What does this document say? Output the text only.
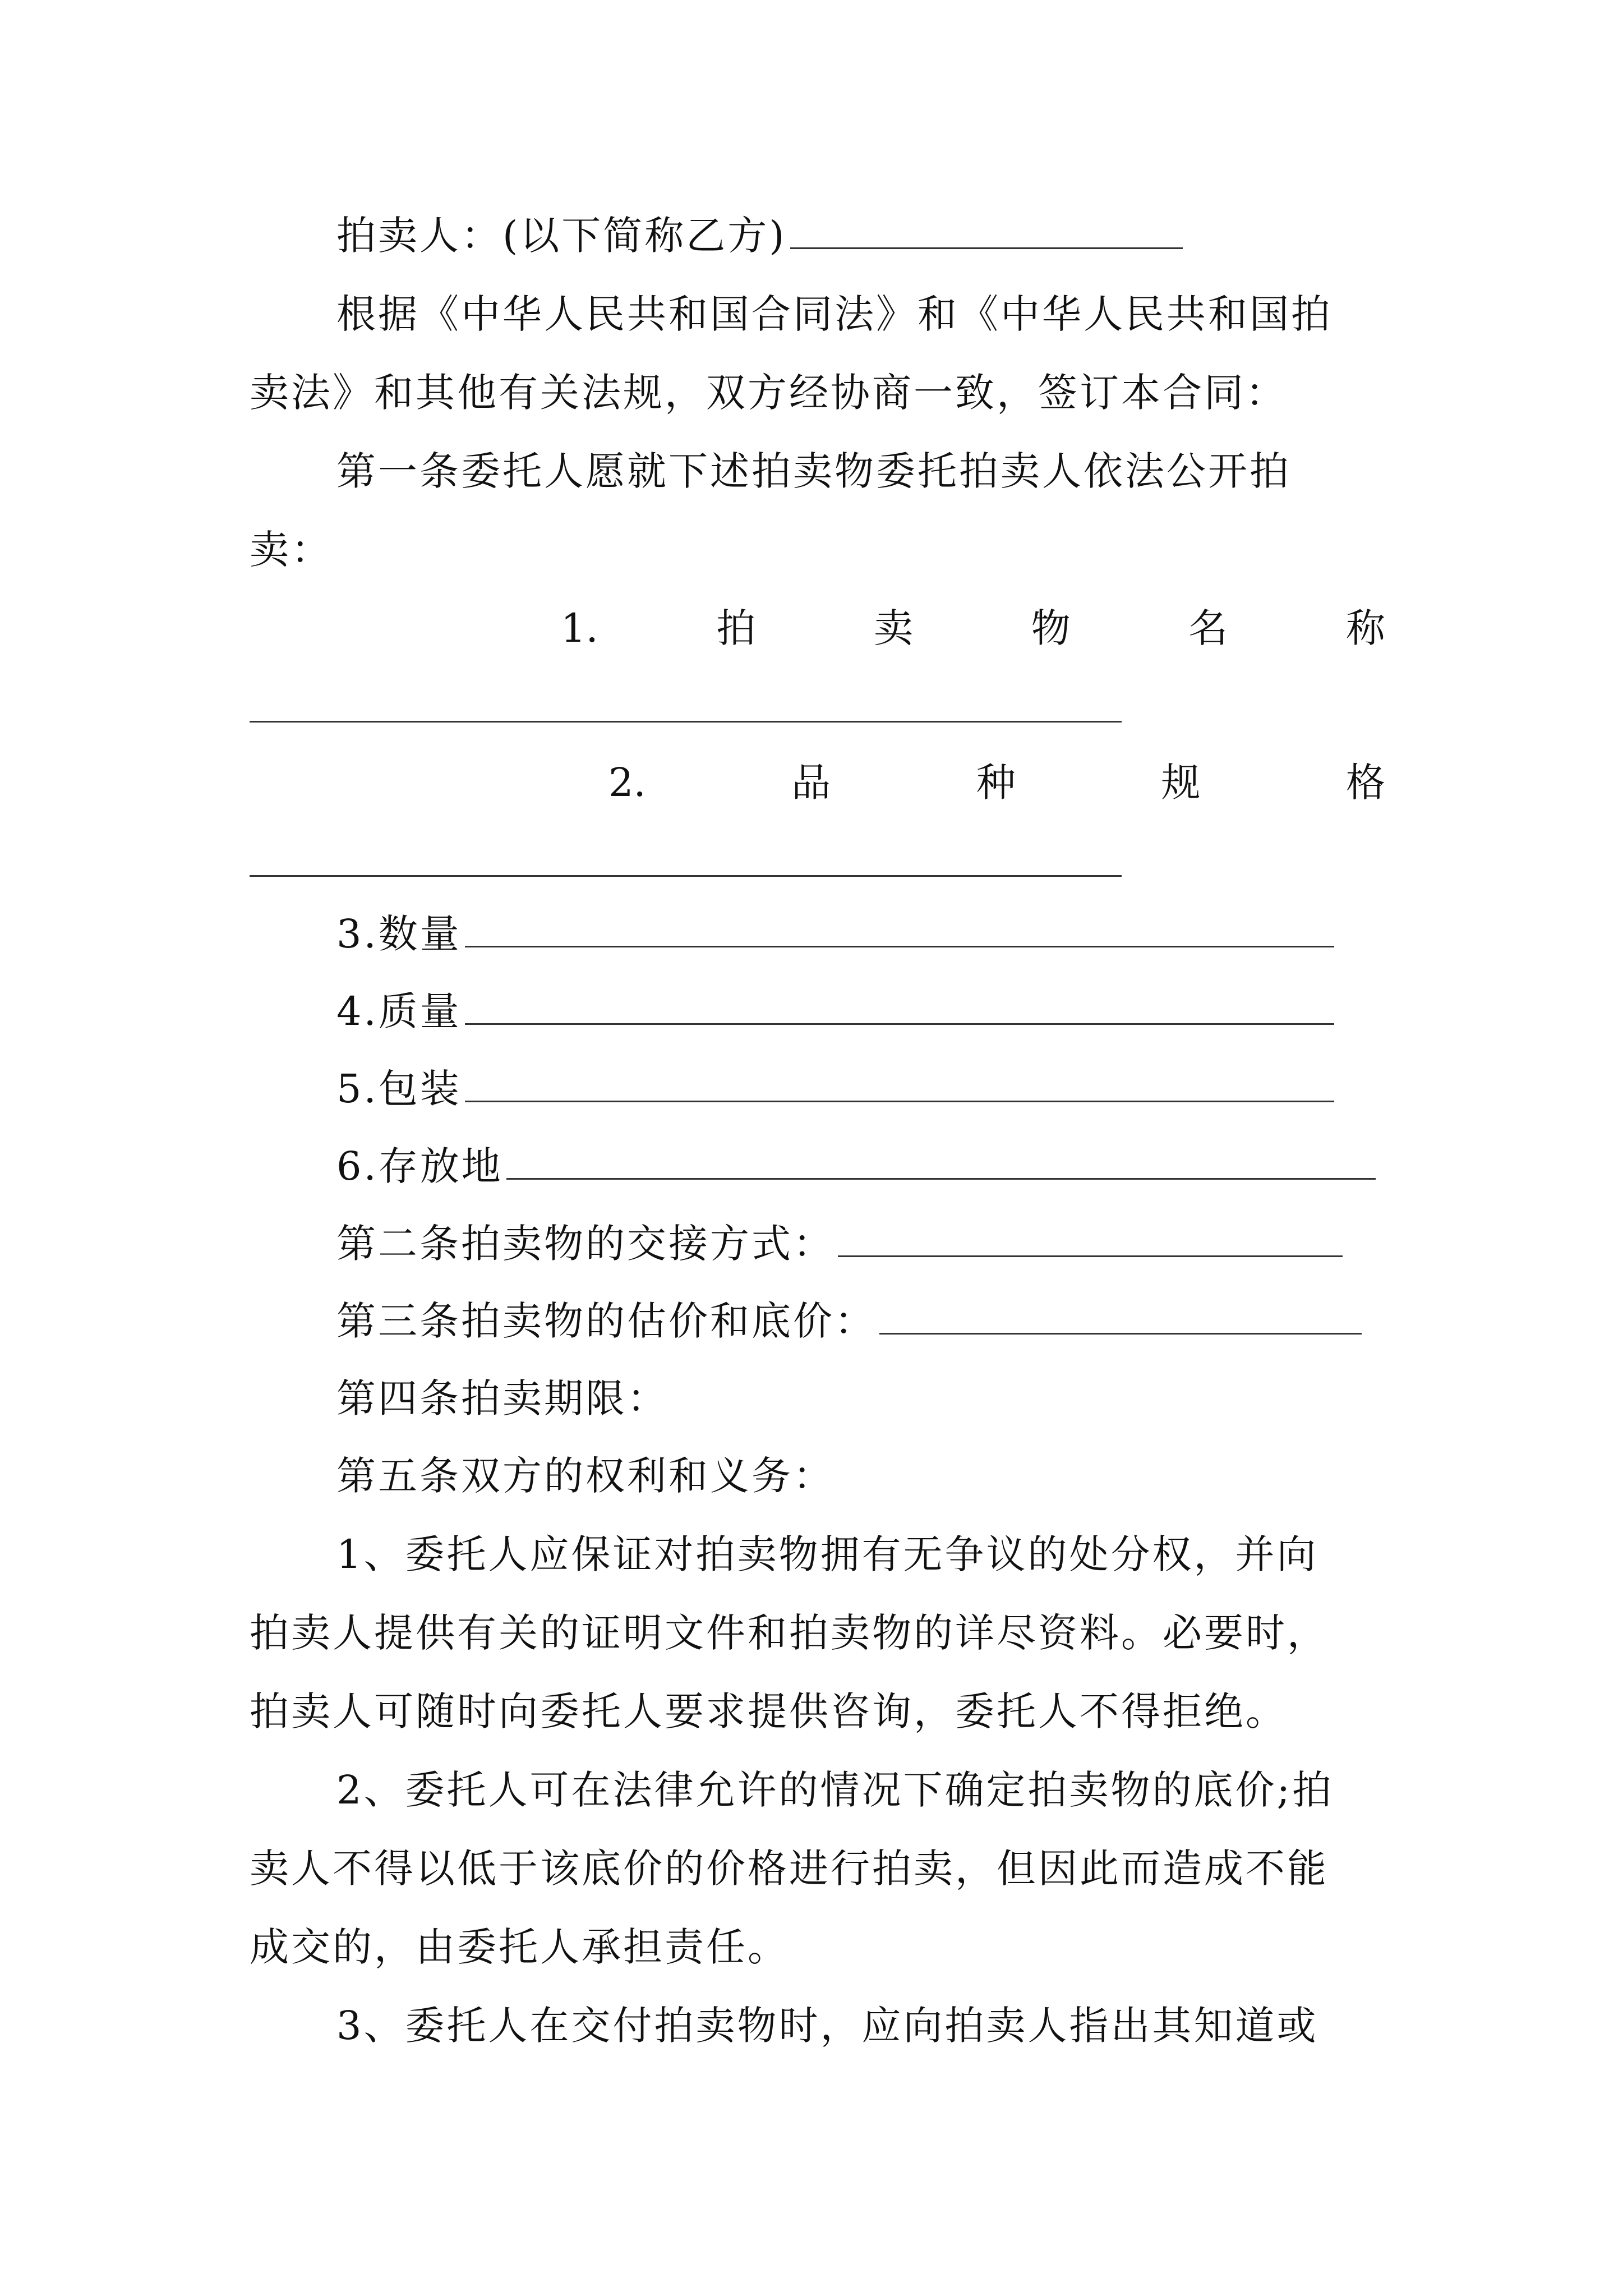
拍卖人：(以下简称乙方)
根据《中华人民共和国合同法》和《中华人民共和国拍
卖法》和其他有关法规，双方经协商一致，签订本合同：
第一条委托人愿就下述拍卖物委托拍卖人依法公开拍
卖：
1.	拍	卖	物	名	称
2.	品	种	规	格
3.数量
4.质量
5.包装
6.存放地
第二条拍卖物的交接方式：
第三条拍卖物的估价和底价：
第四条拍卖期限：
第五条双方的权利和义务：
1、委托人应保证对拍卖物拥有无争议的处分权，并向
拍卖人提供有关的证明文件和拍卖物的详尽资料。必要时，
拍卖人可随时向委托人要求提供咨询，委托人不得拒绝。
2、委托人可在法律允许的情况下确定拍卖物的底价;拍
卖人不得以低于该底价的价格进行拍卖，但因此而造成不能
成交的，由委托人承担责任。
3、委托人在交付拍卖物时，应向拍卖人指出其知道或
